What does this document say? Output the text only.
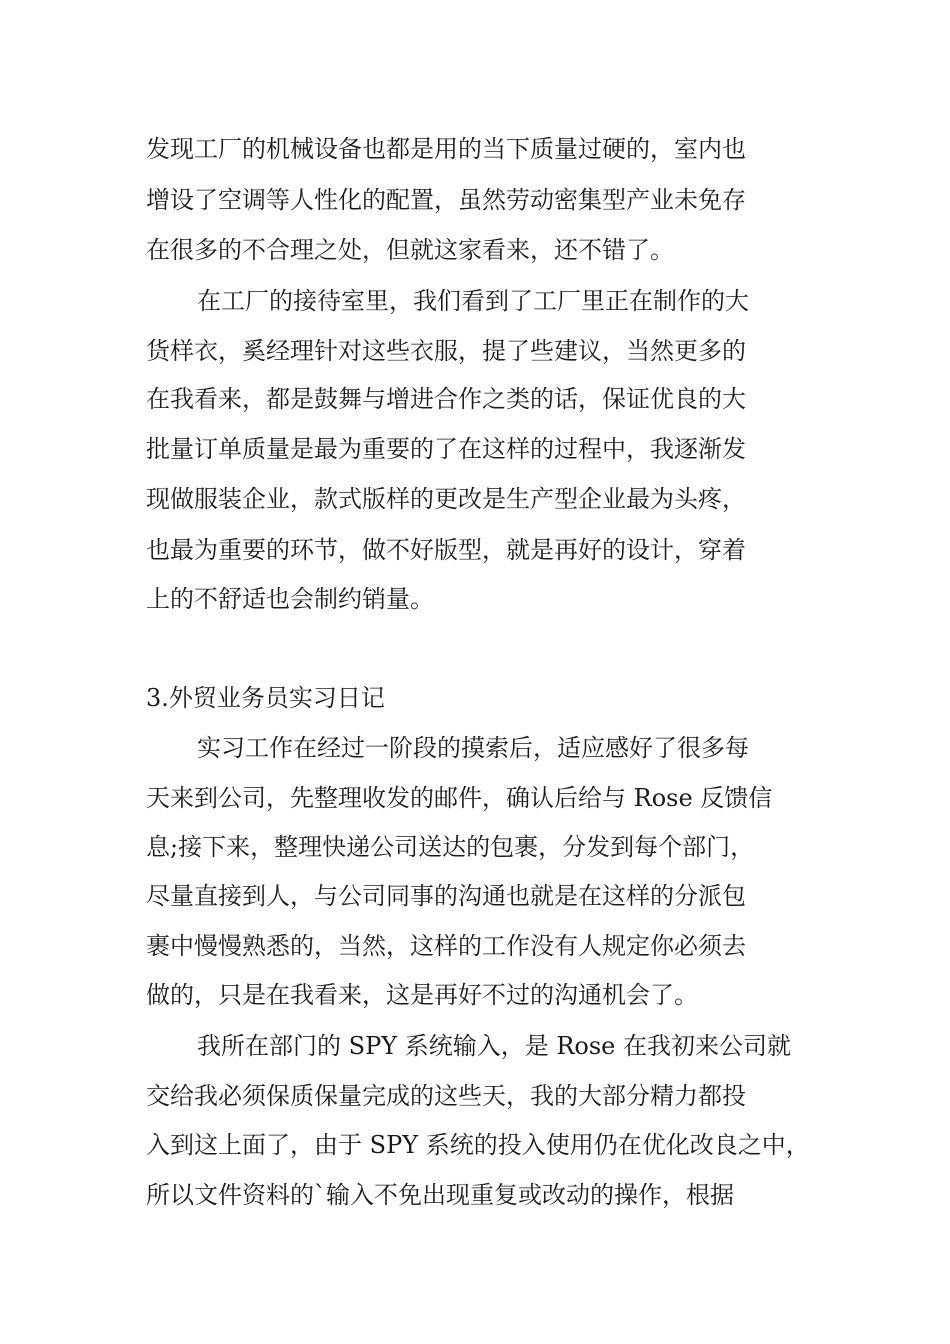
发现工厂的机械设备也都是用的当下质量过硬的，室内也

增设了空调等人性化的配置，虽然劳动密集型产业未免存

在很多的不合理之处，但就这家看来，还不错了。

在工厂的接待室里，我们看到了工厂里正在制作的大

货样衣，奚经理针对这些衣服，提了些建议，当然更多的

在我看来，都是鼓舞与增进合作之类的话，保证优良的大

批量订单质量是最为重要的了在这样的过程中，我逐渐发

现做服装企业，款式版样的更改是生产型企业最为头疼，

也最为重要的环节，做不好版型，就是再好的设计，穿着

上的不舒适也会制约销量。

3.外贸业务员实习日记

实习工作在经过一阶段的摸索后，适应感好了很多每

天来到公司，先整理收发的邮件，确认后给与 Rose 反馈信

息;接下来，整理快递公司送达的包裹，分发到每个部门，

尽量直接到人，与公司同事的沟通也就是在这样的分派包

裹中慢慢熟悉的，当然，这样的工作没有人规定你必须去

做的，只是在我看来，这是再好不过的沟通机会了。

我所在部门的 SPY 系统输入，是 Rose 在我初来公司就

交给我必须保质保量完成的这些天，我的大部分精力都投

入到这上面了，由于 SPY 系统的投入使用仍在优化改良之中，

所以文件资料的`输入不免出现重复或改动的操作，根据
